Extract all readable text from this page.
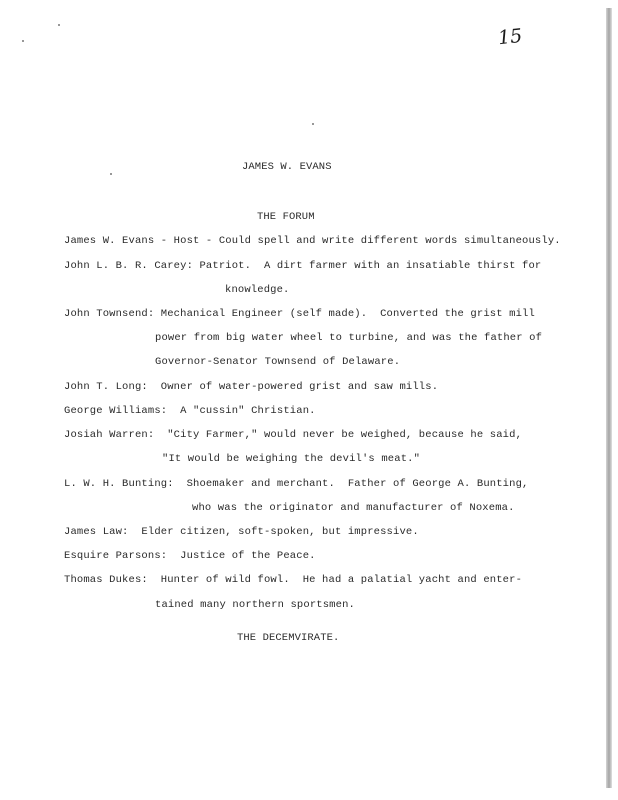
15
JAMES W. EVANS
THE FORUM
James W. Evans - Host - Could spell and write different words simultaneously.
John L. B. R. Carey: Patriot.  A dirt farmer with an insatiable thirst for
knowledge.
John Townsend: Mechanical Engineer (self made).  Converted the grist mill
power from big water wheel to turbine, and was the father of
Governor-Senator Townsend of Delaware.
John T. Long:  Owner of water-powered grist and saw mills.
George Williams:  A "cussin" Christian.
Josiah Warren:  "City Farmer," would never be weighed, because he said,
"It would be weighing the devil's meat."
L. W. H. Bunting:  Shoemaker and merchant.  Father of George A. Bunting,
who was the originator and manufacturer of Noxema.
James Law:  Elder citizen, soft-spoken, but impressive.
Esquire Parsons:  Justice of the Peace.
Thomas Dukes:  Hunter of wild fowl.  He had a palatial yacht and enter-
tained many northern sportsmen.
THE DECEMVIRATE.
